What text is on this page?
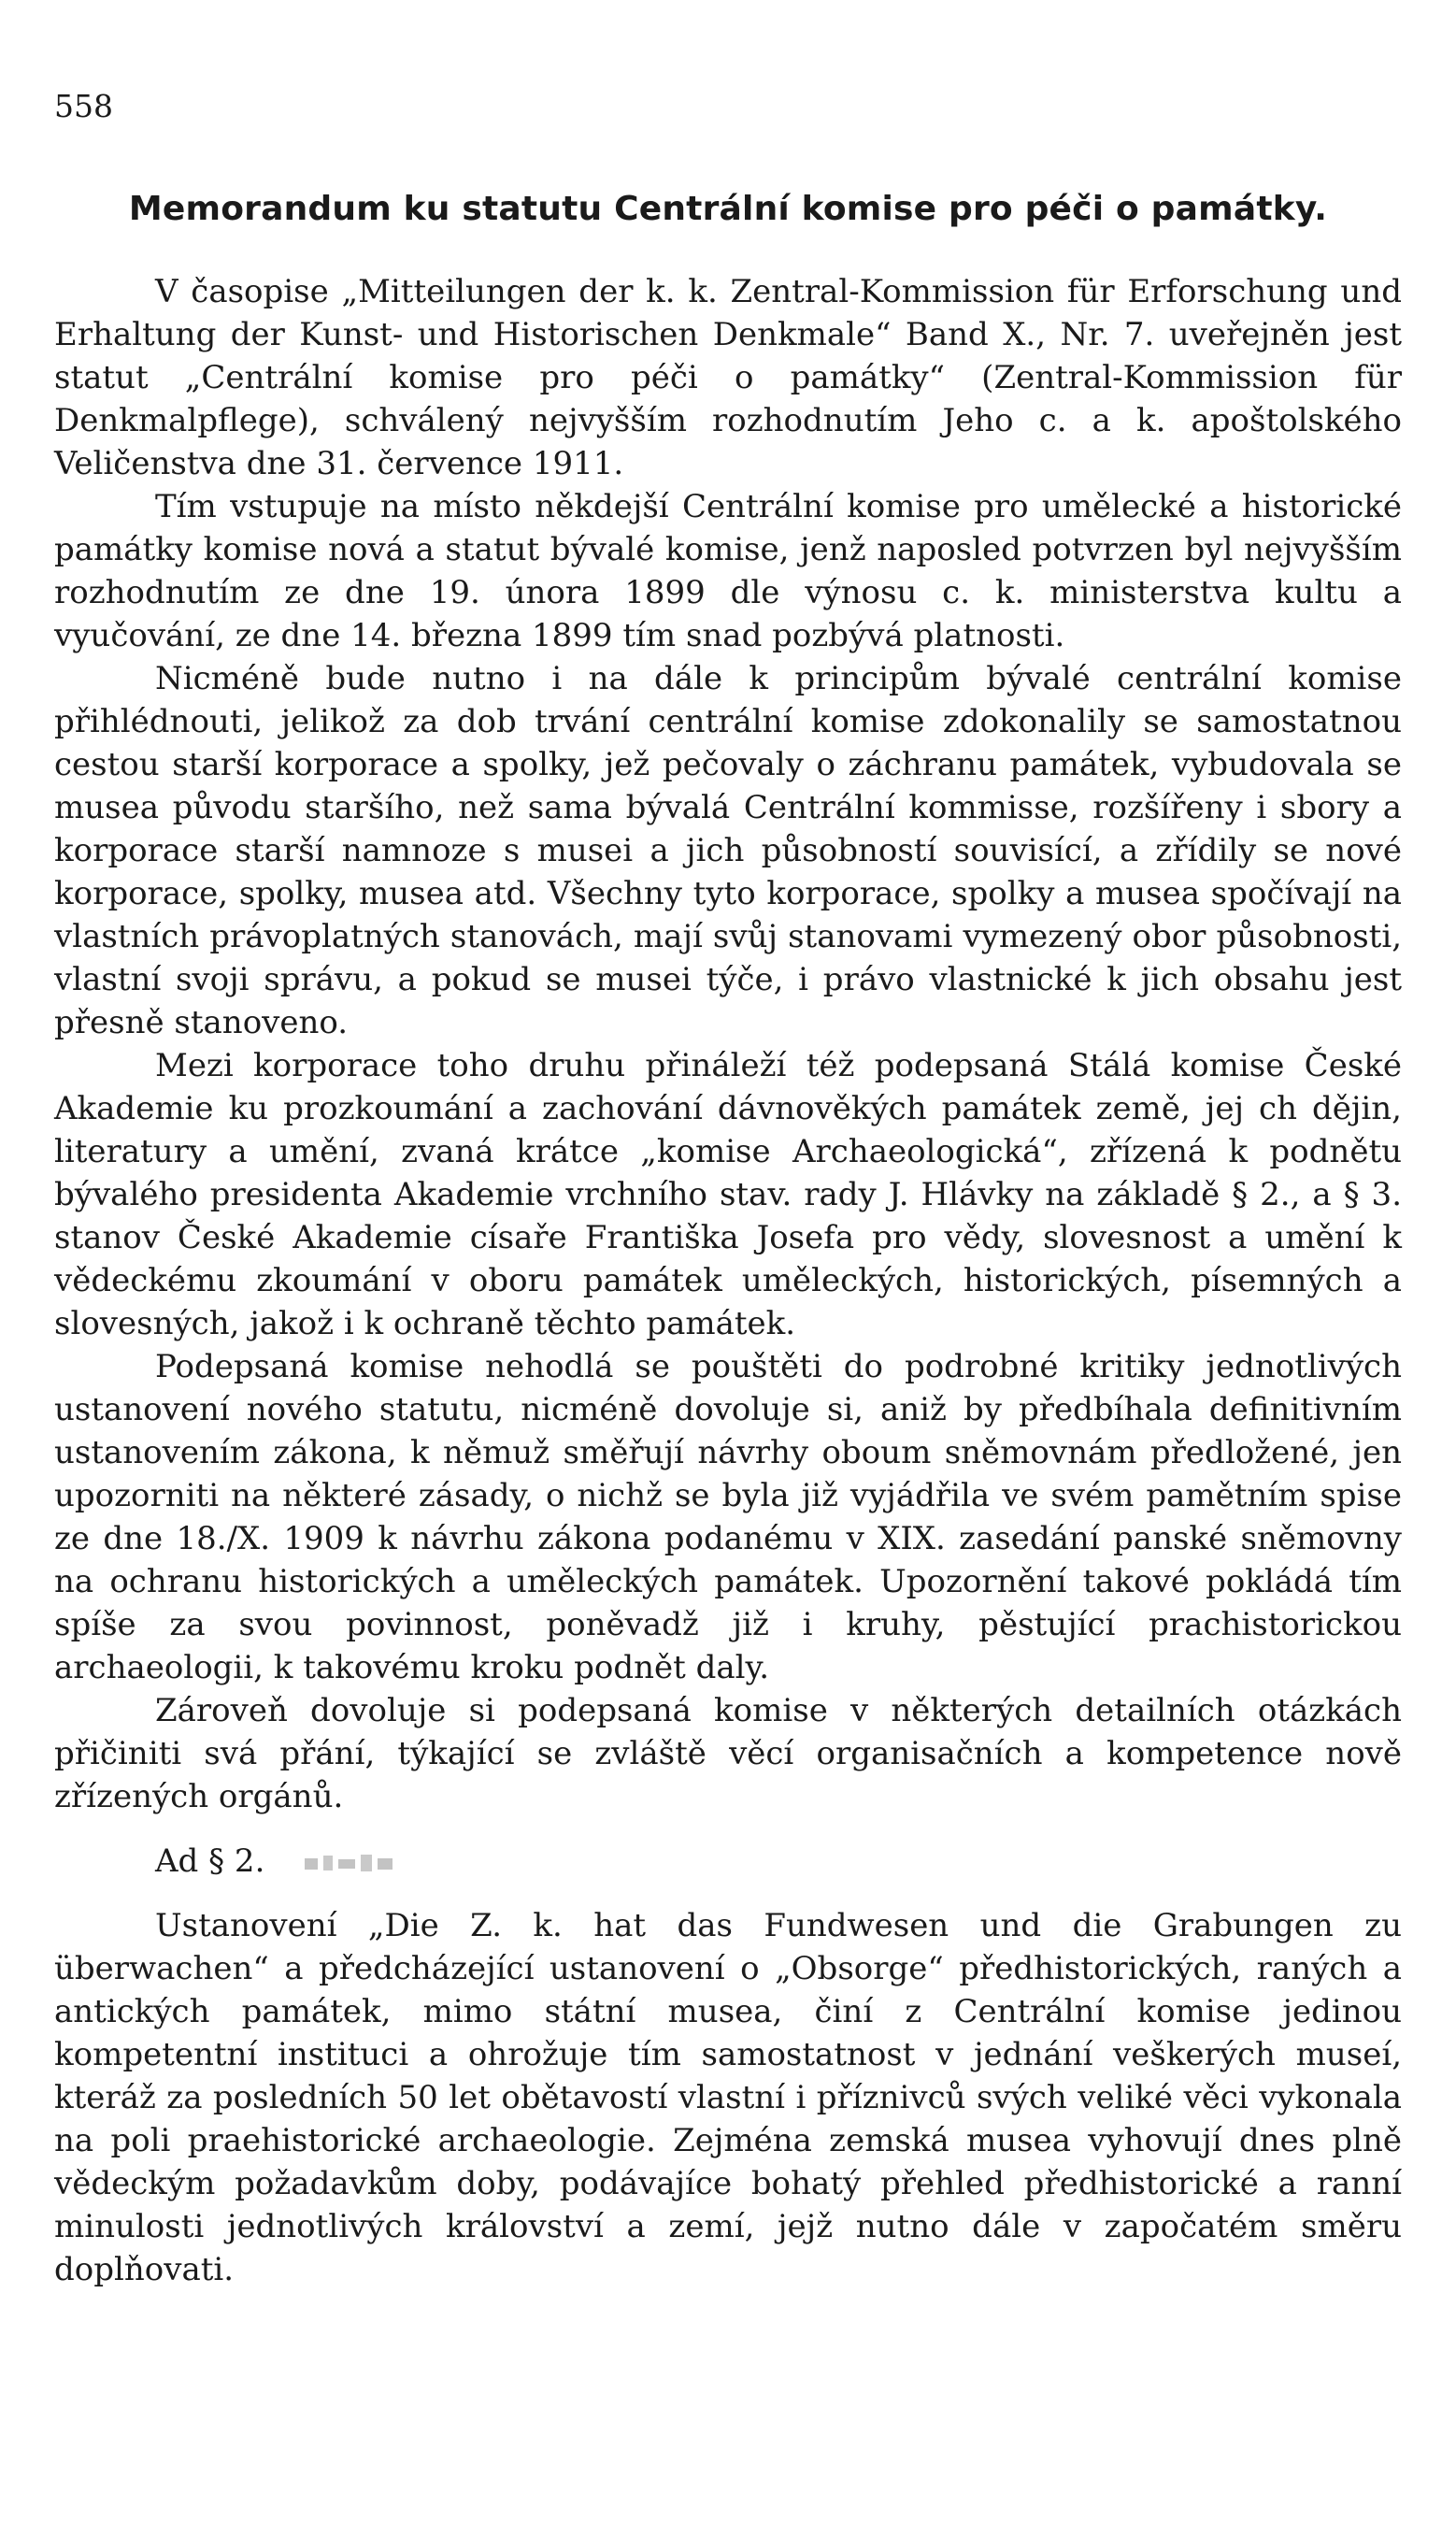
558
Memorandum ku statutu Centrální komise pro péči o památky.

V časopise „Mitteilungen der k. k. Zentral-Kommission für Erforschung und Erhaltung der Kunst- und Historischen Denkmale“ Band X., Nr. 7. uveřejněn jest statut „Centrální komise pro péči o památky“ (Zentral-Kommission für Denkmalpflege), schválený nejvyšším rozhodnutím Jeho c. a k. apoštolského Veličenstva dne 31. července 1911.

Tím vstupuje na místo někdejší Centrální komise pro umělecké a historické památky komise nová a statut bývalé komise, jenž naposled potvrzen byl nejvyšším rozhodnutím ze dne 19. února 1899 dle výnosu c. k. ministerstva kultu a vyučování, ze dne 14. března 1899 tím snad pozbývá platnosti.

Nicméně bude nutno i na dále k principům bývalé centrální komise přihlédnouti, jelikož za dob trvání centrální komise zdokonalily se samostatnou cestou starší korporace a spolky, jež pečovaly o záchranu památek, vybudovala se musea původu staršího, než sama bývalá Centrální kommisse, rozšířeny i sbory a korporace starší namnoze s musei a jich působností souvisící, a zřídily se nové korporace, spolky, musea atd. Všechny tyto korporace, spolky a musea spočívají na vlastních právoplatných stanovách, mají svůj stanovami vymezený obor působnosti, vlastní svoji správu, a pokud se musei týče, i právo vlastnické k jich obsahu jest přesně stanoveno.

Mezi korporace toho druhu přináleží též podepsaná Stálá komise České Akademie ku prozkoumání a zachování dávnověkých památek země, jej ch dějin, literatury a umění, zvaná krátce „komise Archaeologická“, zřízená k podnětu bývalého presidenta Akademie vrchního stav. rady J. Hlávky na základě § 2., a § 3. stanov České Akademie císaře Františka Josefa pro vědy, slovesnost a umění k vědeckému zkoumání v oboru památek uměleckých, historických, písemných a slovesných, jakož i k ochraně těchto památek.

Podepsaná komise nehodlá se pouštěti do podrobné kritiky jednotlivých ustanovení nového statutu, nicméně dovoluje si, aniž by předbíhala definitivním ustanovením zákona, k němuž směřují návrhy oboum sněmovnám předložené, jen upozorniti na některé zásady, o nichž se byla již vyjádřila ve svém pamětním spise ze dne 18./X. 1909 k návrhu zákona podanému v XIX. zasedání panské sněmovny na ochranu historických a uměleckých památek. Upozornění takové pokládá tím spíše za svou povinnost, poněvadž již i kruhy, pěstující prachistorickou archaeologii, k takovému kroku podnět daly.

Zároveň dovoluje si podepsaná komise v některých detailních otázkách přičiniti svá přání, týkající se zvláště věcí organisačních a kompetence nově zřízených orgánů.

Ad § 2.

Ustanovení „Die Z. k. hat das Fundwesen und die Grabungen zu überwachen“ a předcházející ustanovení o „Obsorge“ předhistorických, raných a antických památek, mimo státní musea, činí z Centrální komise jedinou kompetentní instituci a ohrožuje tím samostatnost v jednání veškerých museí, kteráž za posledních 50 let obětavostí vlastní i příznivců svých veliké věci vykonala na poli praehistorické archaeologie. Zejména zemská musea vyhovují dnes plně vědeckým požadavkům doby, podávajíce bohatý přehled předhistorické a ranní minulosti jednotlivých království a zemí, jejž nutno dále v započatém směru doplňovati.
